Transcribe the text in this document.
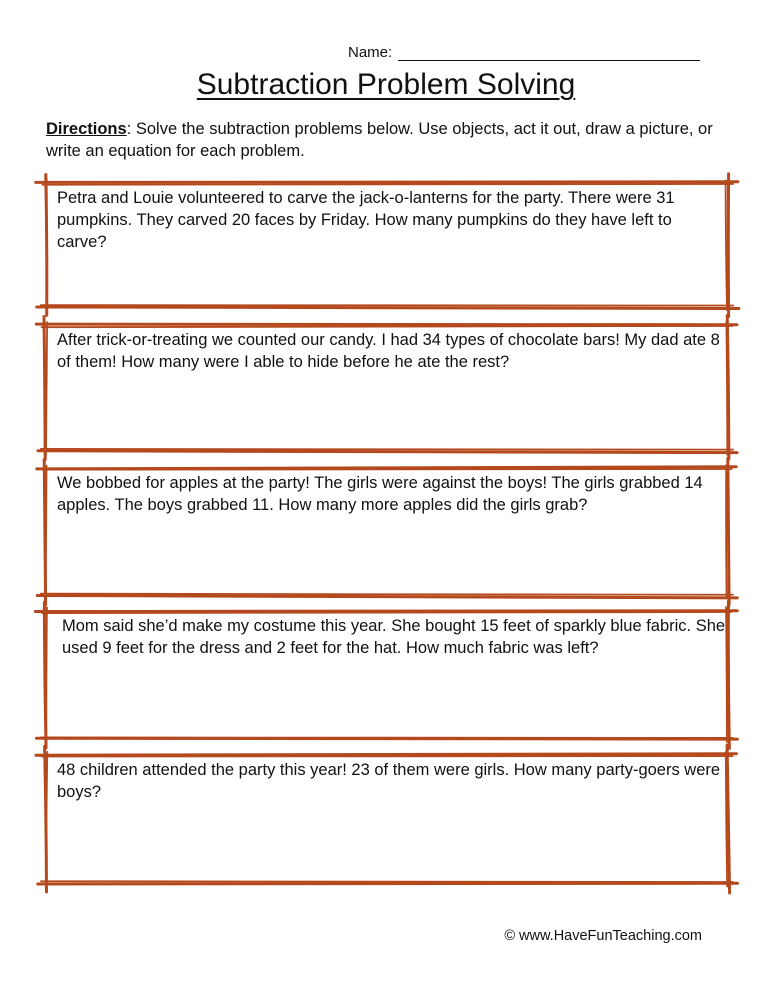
Name:
Subtraction Problem Solving

Directions: Solve the subtraction problems below. Use objects, act it out, draw a picture, or write an equation for each problem.

Petra and Louie volunteered to carve the jack-o-lanterns for the party. There were 31 pumpkins. They carved 20 faces by Friday. How many pumpkins do they have left to carve?

After trick-or-treating we counted our candy. I had 34 types of chocolate bars! My dad ate 8 of them! How many were I able to hide before he ate the rest?

We bobbed for apples at the party! The girls were against the boys! The girls grabbed 14 apples. The boys grabbed 11. How many more apples did the girls grab?

Mom said she’d make my costume this year. She bought 15 feet of sparkly blue fabric. She used 9 feet for the dress and 2 feet for the hat. How much fabric was left?

48 children attended the party this year! 23 of them were girls. How many party-goers were boys?

© www.HaveFunTeaching.com
